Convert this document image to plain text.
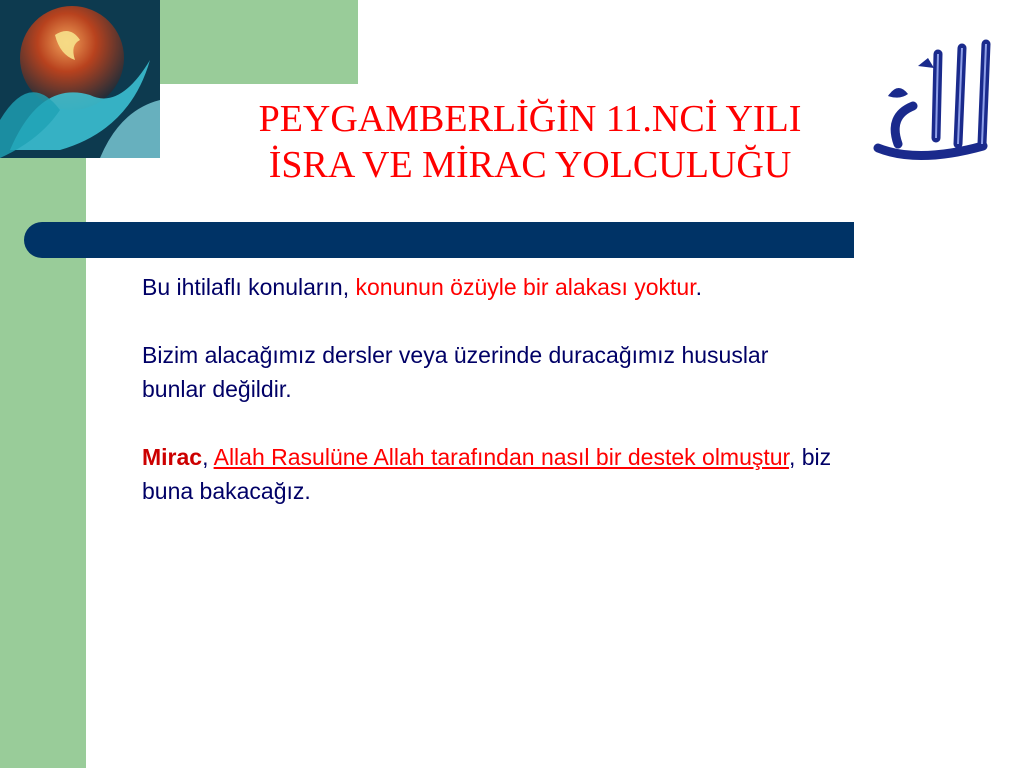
PEYGAMBERLİĞİN 11.NCİ YILI
İSRA VE MİRAC YOLCULUĞU

Bu ihtilaflı konuların, konunun özüyle bir alakası yoktur.

Bizim alacağımız dersler veya üzerinde duracağımız hususlar bunlar değildir.

Mirac, Allah Rasulüne Allah tarafından nasıl bir destek olmuştur, biz buna bakacağız.
